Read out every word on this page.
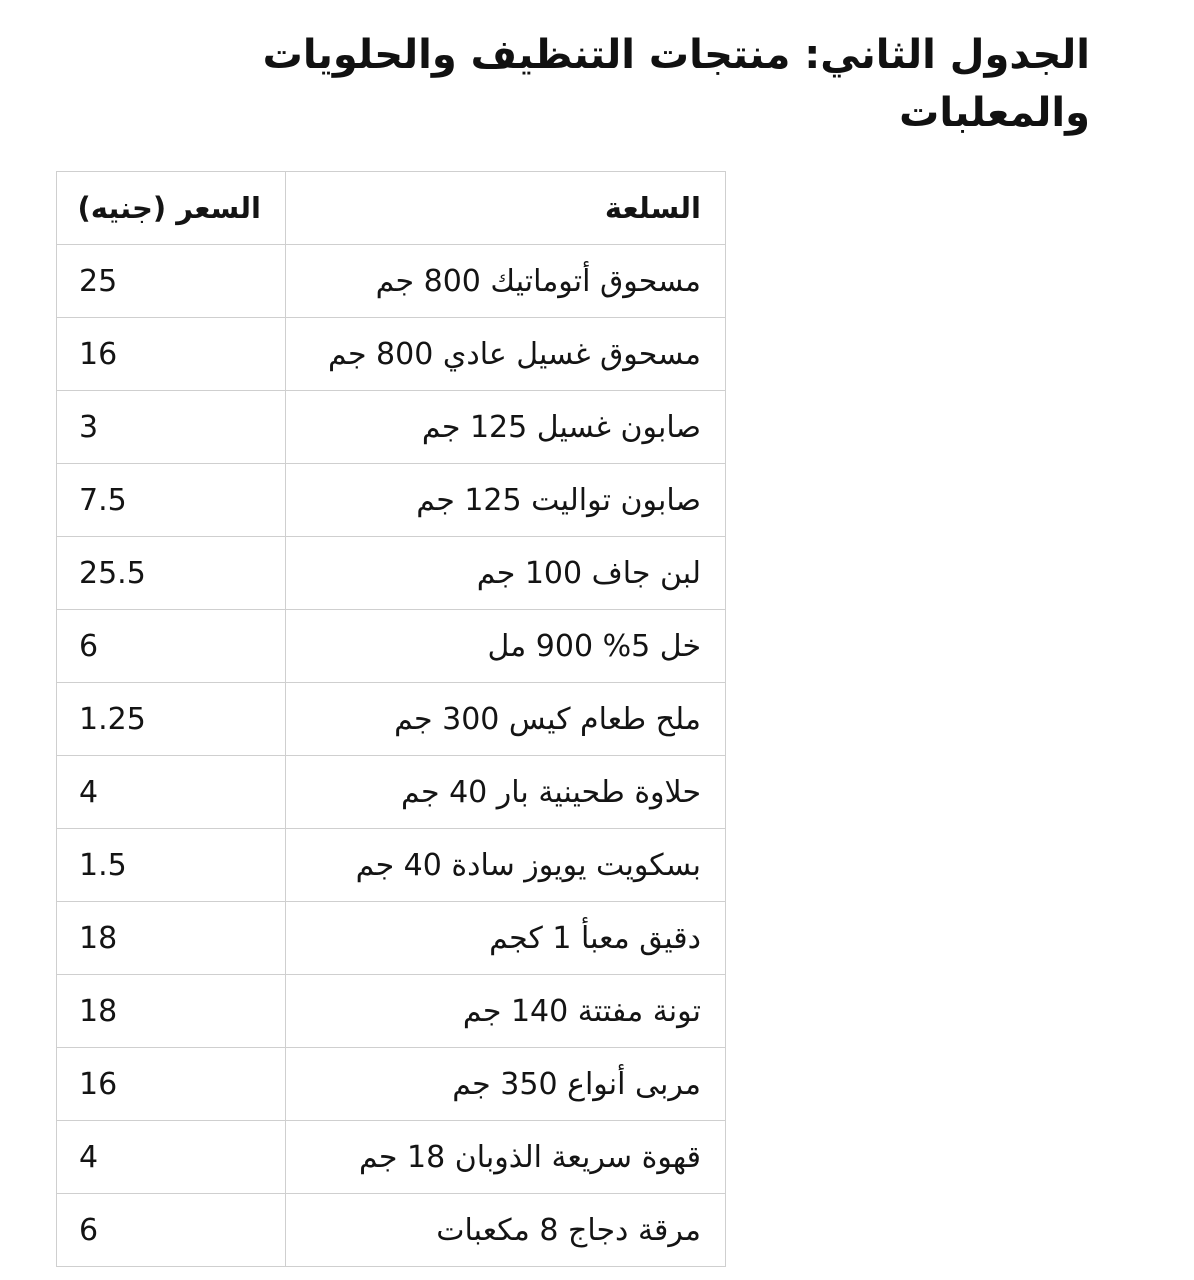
الجدول الثاني: منتجات التنظيف والحلويات والمعلبات
السلعة	السعر (جنيه)
مسحوق أتوماتيك 800 جم	25
مسحوق غسيل عادي 800 جم	16
صابون غسيل 125 جم	3
صابون تواليت 125 جم	7.5
لبن جاف 100 جم	25.5
خل 5% 900 مل	6
ملح طعام كيس 300 جم	1.25
حلاوة طحينية بار 40 جم	4
بسكويت يويوز سادة 40 جم	1.5
دقيق معبأ 1 كجم	18
تونة مفتتة 140 جم	18
مربى أنواع 350 جم	16
قهوة سريعة الذوبان 18 جم	4
مرقة دجاج 8 مكعبات	6
